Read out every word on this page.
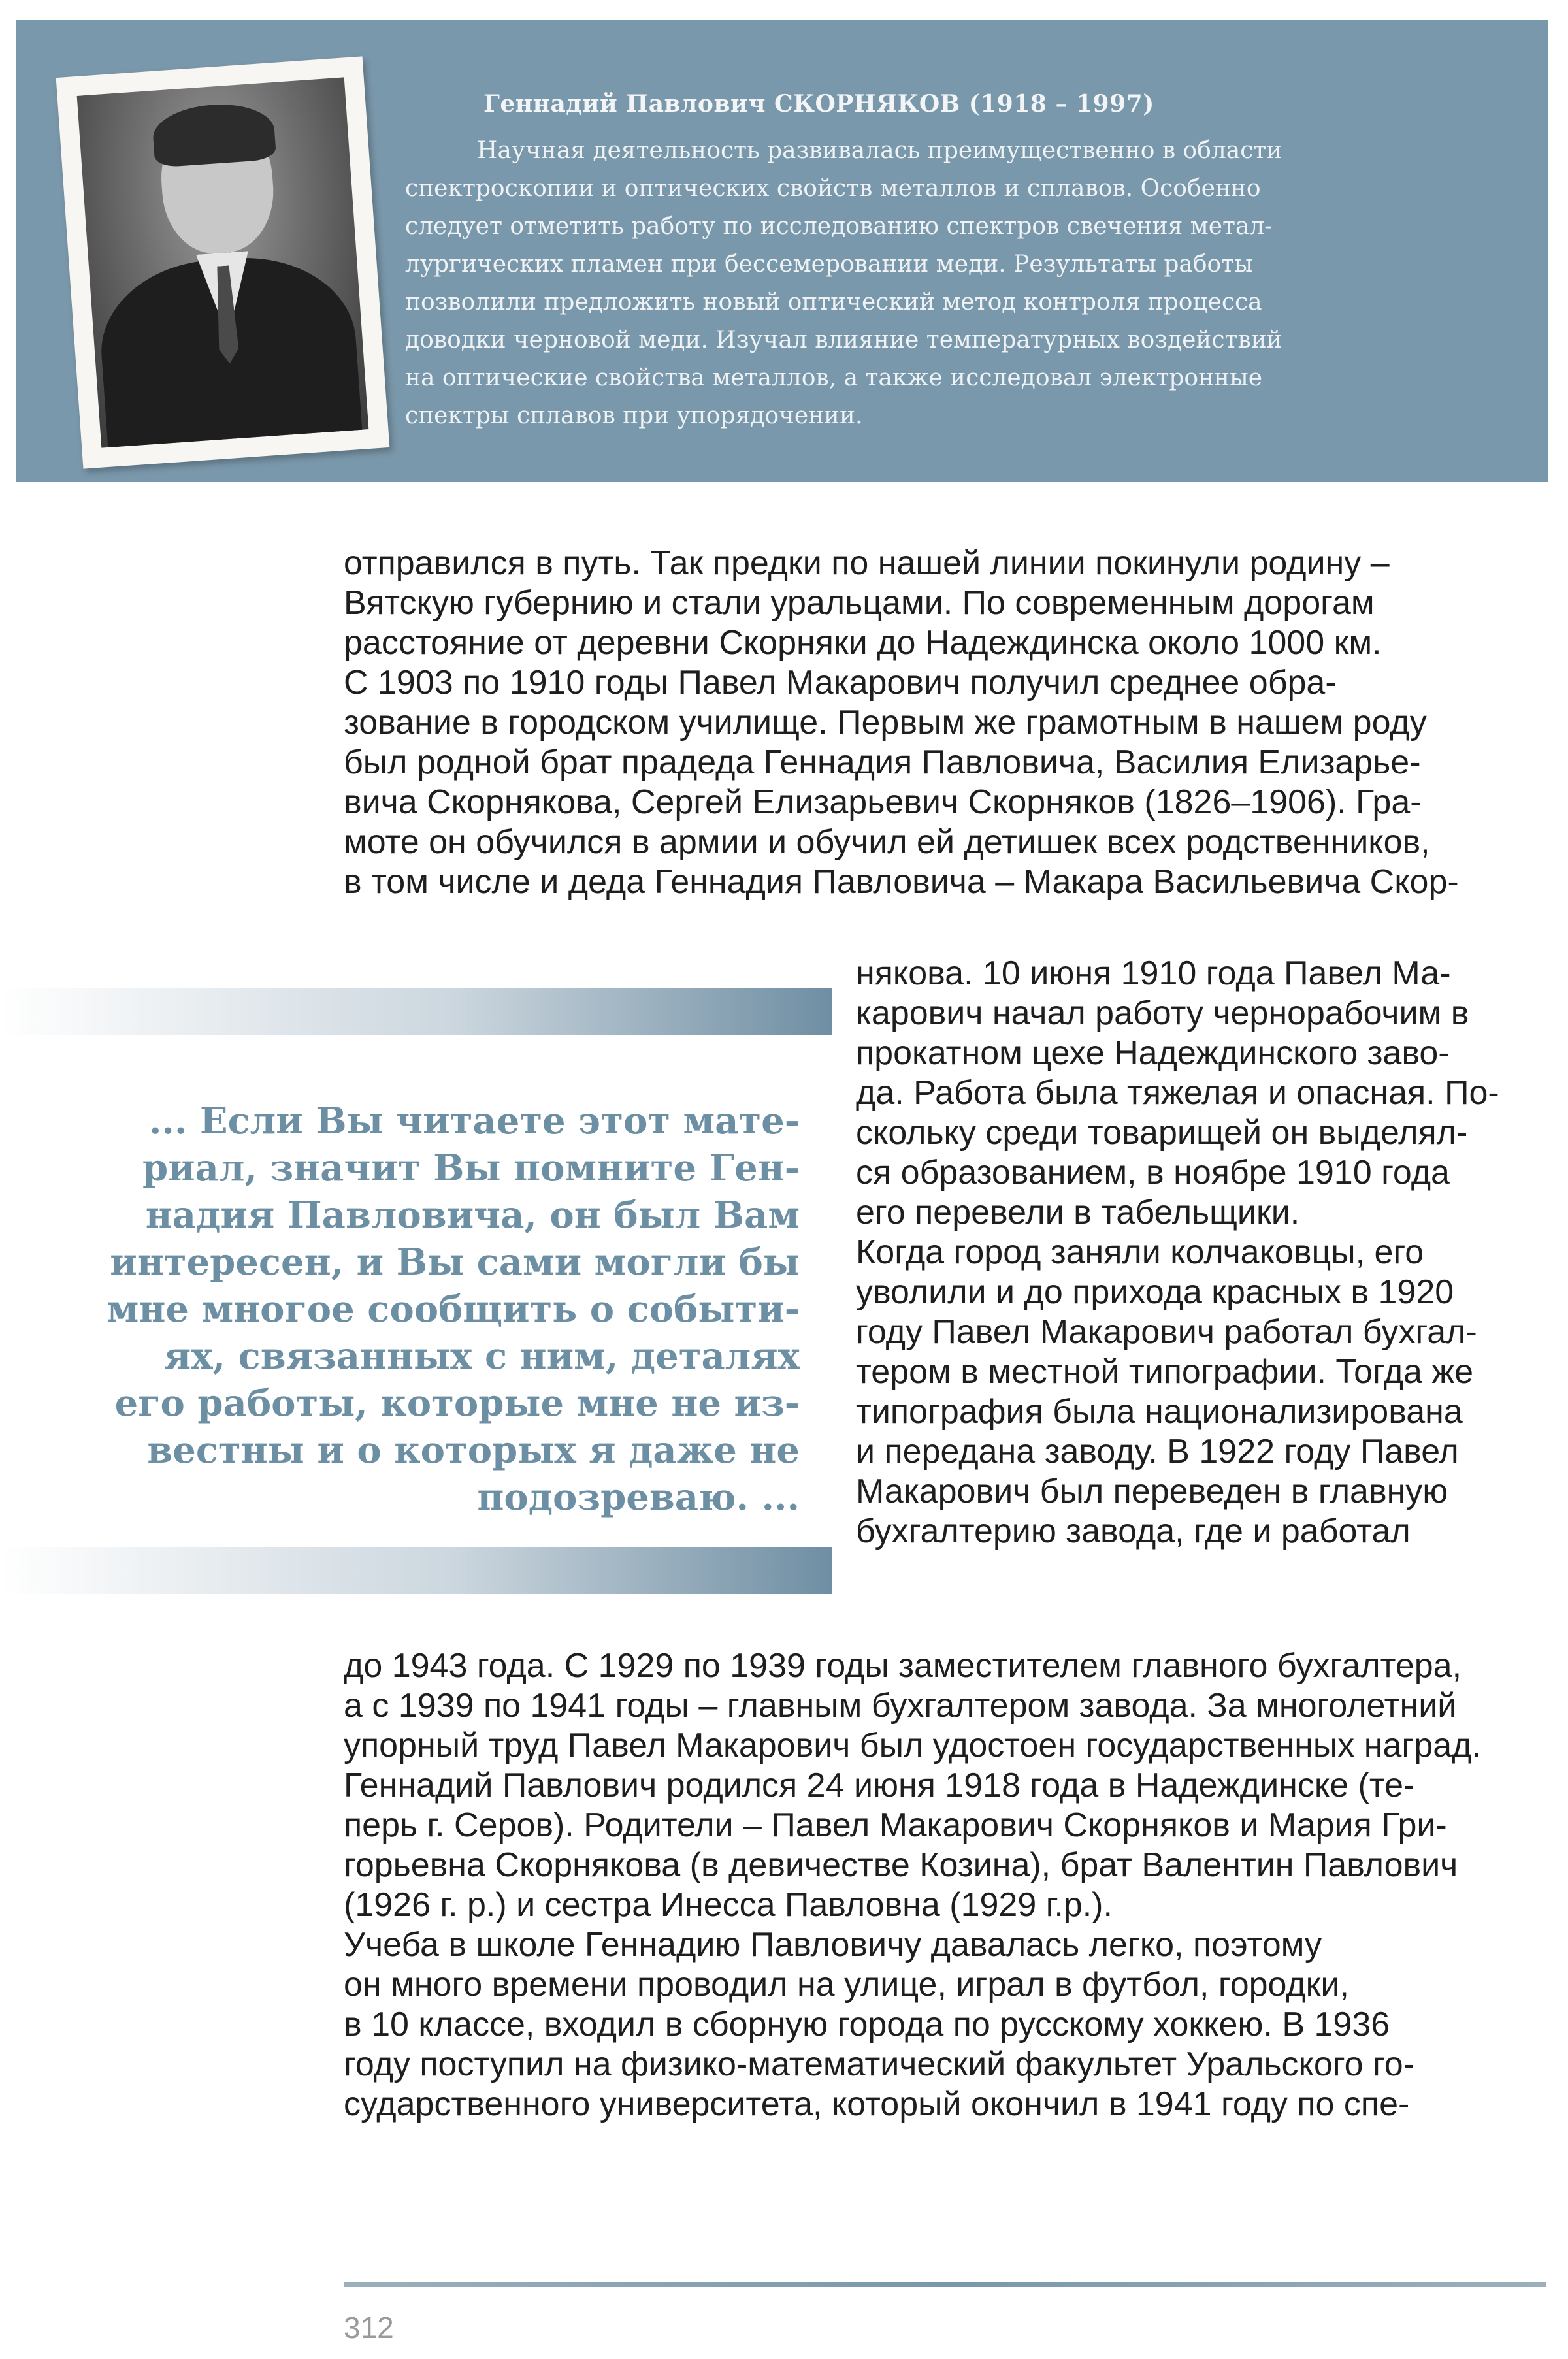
Геннадий Павлович СКОРНЯКОВ (1918 – 1997)
Научная деятельность развивалась преимущественно в области
спектроскопии и оптических свойств металлов и сплавов. Особенно
следует отметить работу по исследованию спектров свечения метал-
лургических пламен при бессемеровании меди. Результаты работы
позволили предложить новый оптический метод контроля процесса
доводки черновой меди. Изучал влияние температурных воздействий
на оптические свойства металлов, а также исследовал электронные
спектры сплавов при упорядочении.
отправился в путь. Так предки по нашей линии покинули родину –
Вятскую губернию и стали уральцами. По современным дорогам
расстояние от деревни Скорняки до Надеждинска около 1000 км.
С 1903 по 1910 годы Павел Макарович получил среднее обра-
зование в городском училище. Первым же грамотным в нашем роду
был родной брат прадеда Геннадия Павловича, Василия Елизарье-
вича Скорнякова, Сергей Елизарьевич Скорняков (1826–1906). Гра-
моте он обучился в армии и обучил ей детишек всех родственников,
в том числе и деда Геннадия Павловича – Макара Васильевича Скор-
... Если Вы читаете этот мате-
риал, значит Вы помните Ген-
надия Павловича, он был Вам
интересен, и Вы сами могли бы
мне многое сообщить о событи-
ях, связанных с ним, деталях
его работы, которые мне не из-
вестны и о которых я даже не
подозреваю. ...
някова. 10 июня 1910 года Павел Ма-
карович начал работу чернорабочим в
прокатном цехе Надеждинского заво-
да. Работа была тяжелая и опасная. По-
скольку среди товарищей он выделял-
ся образованием, в ноябре 1910 года
его перевели в табельщики.
Когда город заняли колчаковцы, его
уволили и до прихода красных в 1920
году Павел Макарович работал бухгал-
тером в местной типографии. Тогда же
типография была национализирована
и передана заводу. В 1922 году Павел
Макарович был переведен в главную
бухгалтерию завода, где и работал
до 1943 года. С 1929 по 1939 годы заместителем главного бухгалтера,
а с 1939 по 1941 годы – главным бухгалтером завода. За многолетний
упорный труд Павел Макарович был удостоен государственных наград.
Геннадий Павлович родился 24 июня 1918 года в Надеждинске (те-
перь г. Серов). Родители – Павел Макарович Скорняков и Мария Гри-
горьевна Скорнякова (в девичестве Козина), брат Валентин Павлович
(1926 г. р.) и сестра Инесса Павловна (1929 г.р.).
Учеба в школе Геннадию Павловичу давалась легко, поэтому
он много времени проводил на улице, играл в футбол, городки,
в 10 классе, входил в сборную города по русскому хоккею. В 1936
году поступил на физико-математический факультет Уральского го-
сударственного университета, который окончил в 1941 году по спе-
312
